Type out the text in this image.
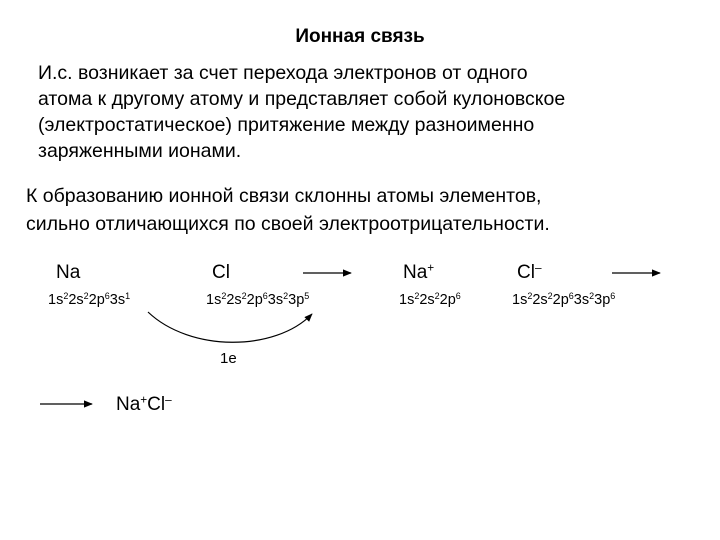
Ионная связь
И.с. возникает за счет перехода электронов от одного
атома к другому атому и представляет собой кулоновское
(электростатическое) притяжение между разноименно
заряженными ионами.
К образованию ионной связи склонны атомы элементов,
сильно отличающихся по своей электроотрицательности.
Na	Cl	Na+	Cl–
$1s^22s^22p^63s^1$	$1s^22s^22p^63s^23p^5$	$1s^22s^22p^6$	$1s^22s^22p^63s^23p^6$
1e
Na+Cl–
